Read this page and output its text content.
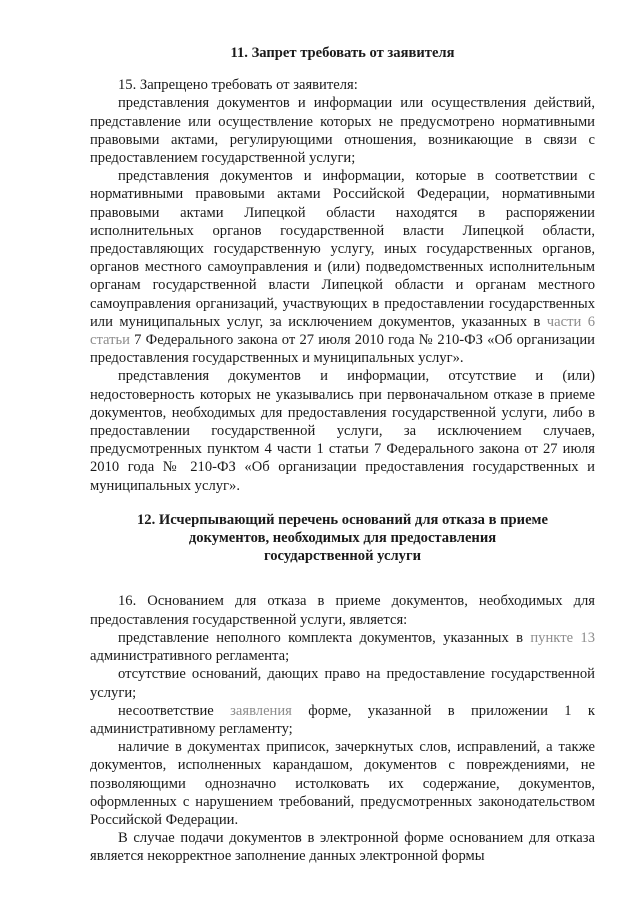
11. Запрет требовать от заявителя

15. Запрещено требовать от заявителя:

представления документов и информации или осуществления действий, представление или осуществление которых не предусмотрено нормативными правовыми актами, регулирующими отношения, возникающие в связи с предоставлением государственной услуги;

представления документов и информации, которые в соответствии с нормативными правовыми актами Российской Федерации, нормативными правовыми актами Липецкой области находятся в распоряжении исполнительных органов государственной власти Липецкой области, предоставляющих государственную услугу, иных государственных органов, органов местного самоуправления и (или) подведомственных исполнительным органам государственной власти Липецкой области и органам местного самоуправления организаций, участвующих в предоставлении государственных или муниципальных услуг, за исключением документов, указанных в части 6 статьи 7 Федерального закона от 27 июля 2010 года № 210-ФЗ «Об организации предоставления государственных и муниципальных услуг».

представления документов и информации, отсутствие и (или) недостоверность которых не указывались при первоначальном отказе в приеме документов, необходимых для предоставления государственной услуги, либо в предоставлении государственной услуги, за исключением случаев, предусмотренных пунктом 4 части 1 статьи 7 Федерального закона от 27 июля 2010 года № 210-ФЗ «Об организации предоставления государственных и муниципальных услуг».

12. Исчерпывающий перечень оснований для отказа в приеме
документов, необходимых для предоставления
государственной услуги

16. Основанием для отказа в приеме документов, необходимых для предоставления государственной услуги, является:

представление неполного комплекта документов, указанных в пункте 13 административного регламента;

отсутствие оснований, дающих право на предоставление государственной услуги;

несоответствие заявления форме, указанной в приложении 1 к административному регламенту;

наличие в документах приписок, зачеркнутых слов, исправлений, а также документов, исполненных карандашом, документов с повреждениями, не позволяющими однозначно истолковать их содержание, документов, оформленных с нарушением требований, предусмотренных законодательством Российской Федерации.

В случае подачи документов в электронной форме основанием для отказа является некорректное заполнение данных электронной формы
